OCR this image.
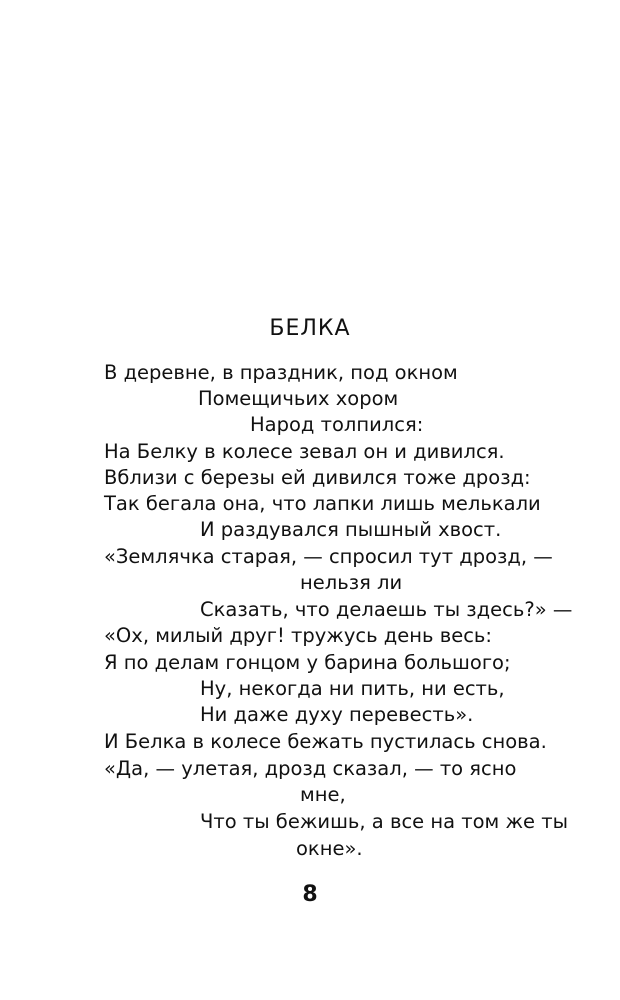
БЕЛКА
В деревне, в праздник, под окном
Помещичьих хором
Народ толпился:
На Белку в колесе зевал он и дивился.
Вблизи с березы ей дивился тоже дрозд:
Так бегала она, что лапки лишь мелькали
И раздувался пышный хвост.
«Землячка старая, — спросил тут дрозд, —
нельзя ли
Сказать, что делаешь ты здесь?» —
«Ох, милый друг! тружусь день весь:
Я по делам гонцом у барина большого;
Ну, некогда ни пить, ни есть,
Ни даже духу перевесть».
И Белка в колесе бежать пустилась снова.
«Да, — улетая, дрозд сказал, — то ясно
мне,
Что ты бежишь, а все на том же ты
окне».
8
